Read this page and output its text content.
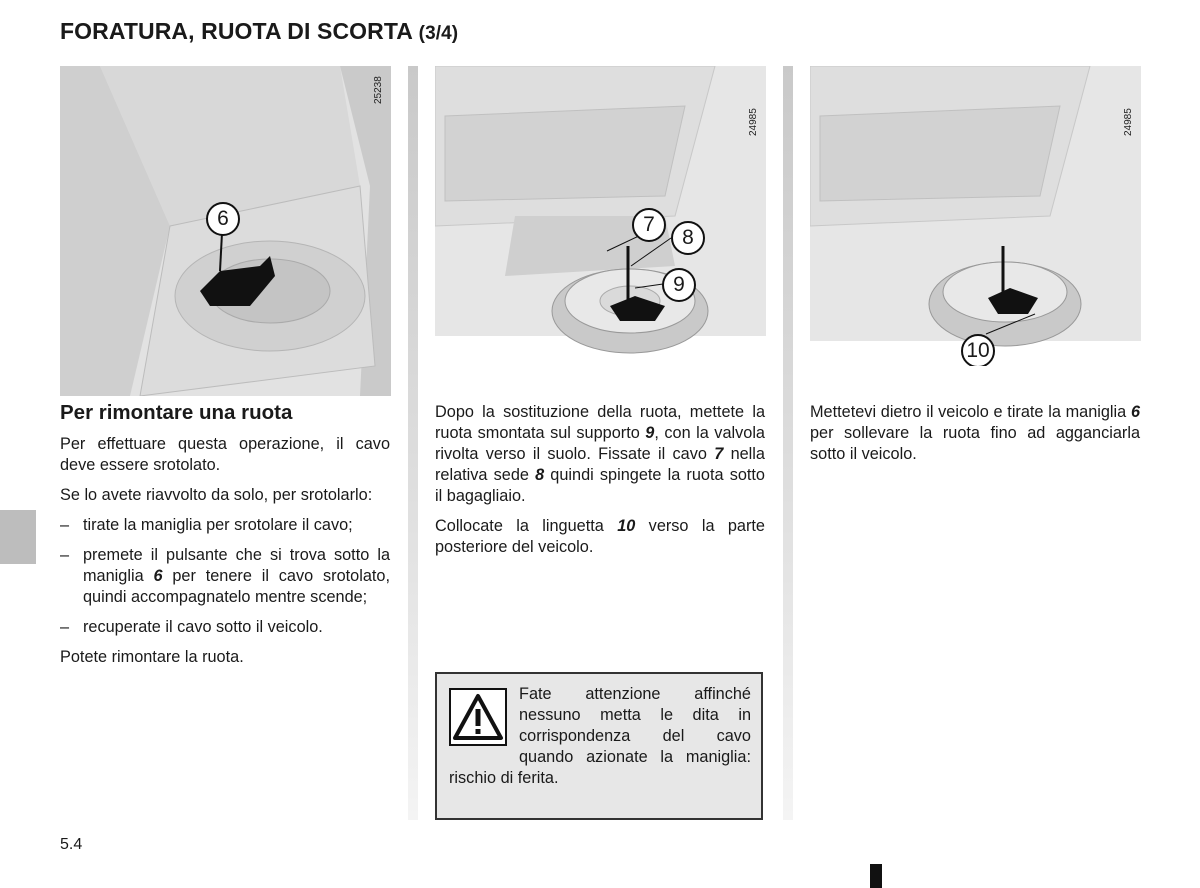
FORATURA, RUOTA DI SCORTA (3/4)
6
25238
7
8
9
24985
10
24985
Per rimontare una ruota

Per effettuare questa operazione, il cavo deve essere srotolato.

Se lo avete riavvolto da solo, per srotolarlo:

– tirate la maniglia per srotolare il cavo;
– premete il pulsante che si trova sotto la maniglia 6 per tenere il cavo srotolato, quindi accompagnatelo mentre scende;
– recuperate il cavo sotto il veicolo.

Potete rimontare la ruota.

Dopo la sostituzione della ruota, mettete la ruota smontata sul supporto 9, con la valvola rivolta verso il suolo. Fissate il cavo 7 nella relativa sede 8 quindi spingete la ruota sotto il bagagliaio.

Collocate la linguetta 10 verso la parte posteriore del veicolo.

Mettetevi dietro il veicolo e tirate la maniglia 6 per sollevare la ruota fino ad agganciarla sotto il veicolo.

Fate attenzione affinché nessuno metta le dita in corrispondenza del cavo quando azionate la maniglia: rischio di ferita.
5.4
